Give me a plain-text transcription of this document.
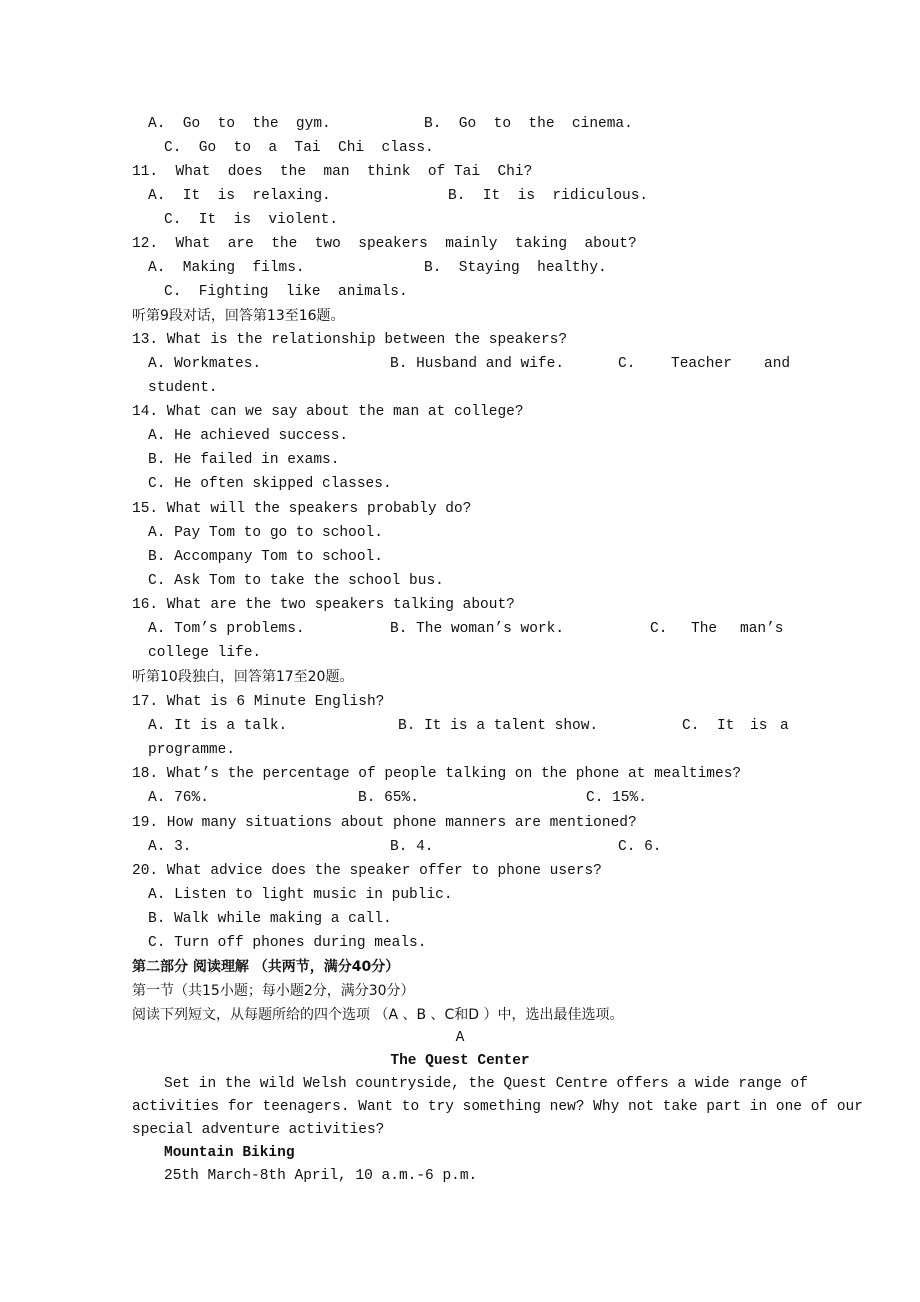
A.  Go  to  the  gym.	B.  Go  to  the  cinema.
C.  Go  to  a  Tai  Chi  class.
11.  What  does  the  man  think  of Tai  Chi?
A.  It  is  relaxing.	B.  It  is  ridiculous.
C.  It  is  violent.
12.  What  are  the  two  speakers  mainly  taking  about?
A.  Making  films.	B.  Staying  healthy.
C.  Fighting  like  animals.
听第9段对话，回答第13至16题。
13. What is the relationship between the speakers?
A. Workmates.	B. Husband and wife.	C. Teacher and
student.
14. What can we say about the man at college?
A. He achieved success.
B. He failed in exams.
C. He often skipped classes.
15. What will the speakers probably do?
A. Pay Tom to go to school.
B. Accompany Tom to school.
C. Ask Tom to take the school bus.
16. What are the two speakers talking about?
A. Tom’s problems.	B. The woman’s work.	C. The man’s
college life.
听第10段独白，回答第17至20题。
17. What is 6 Minute English?
A. It is a talk.	B. It is a talent show.	C. It is a
programme.
18. What’s the percentage of people talking on the phone at mealtimes?
A. 76%.	B. 65%.	C. 15%.
19. How many situations about phone manners are mentioned?
A. 3.	B. 4.	C. 6.
20. What advice does the speaker offer to phone users?
A. Listen to light music in public.
B. Walk while making a call.
C. Turn off phones during meals.
第二部分 阅读理解 （共两节，满分40分）
第一节（共15小题；每小题2分，满分30分）
阅读下列短文，从每题所给的四个选项 （A 、B 、C和D ）中，选出最佳选项。
A
The Quest Center
Set in the wild Welsh countryside, the Quest Centre offers a wide range of
activities for teenagers. Want to try something new? Why not take part in one of our
special adventure activities?
Mountain Biking
25th March-8th April, 10 a.m.-6 p.m.
